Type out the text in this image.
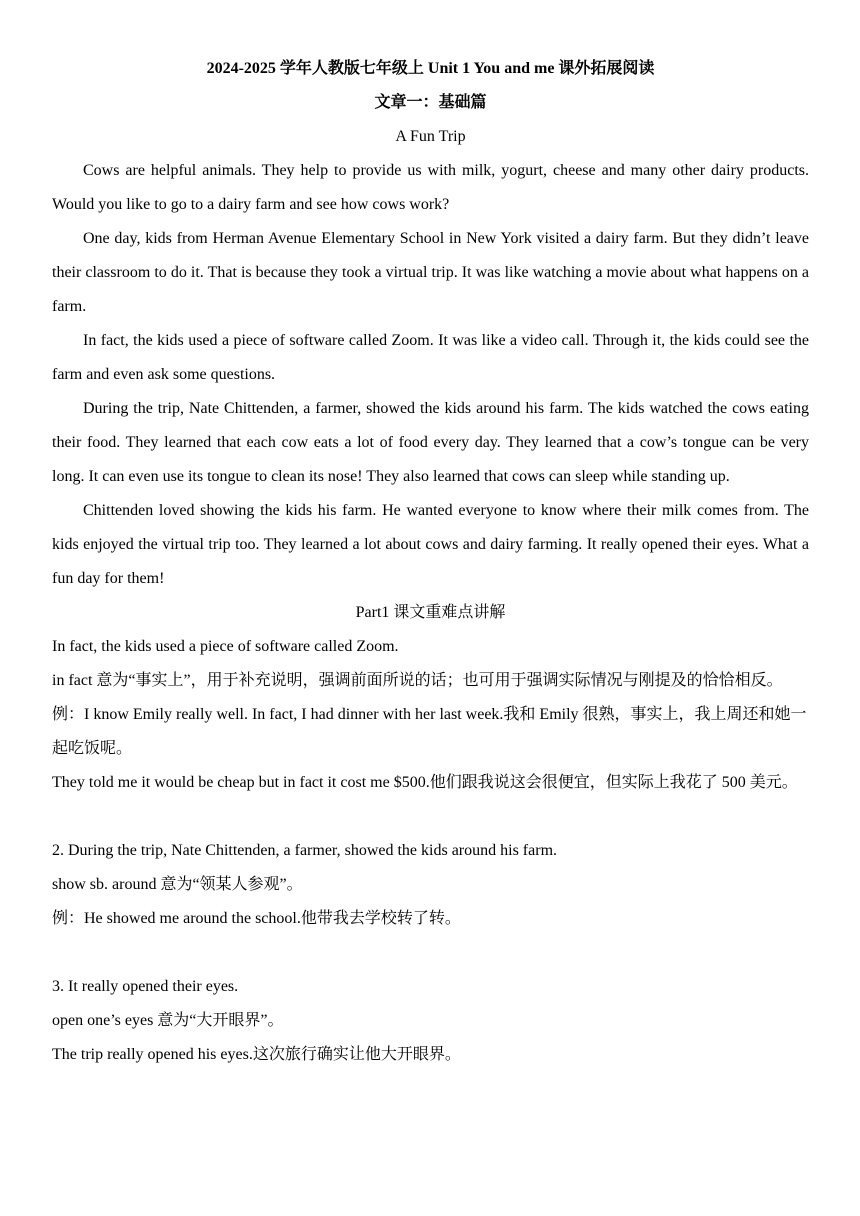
2024-2025 学年人教版七年级上 Unit 1 You and me 课外拓展阅读

文章一：基础篇

A Fun Trip

Cows are helpful animals. They help to provide us with milk, yogurt, cheese and many other dairy products. Would you like to go to a dairy farm and see how cows work?

One day, kids from Herman Avenue Elementary School in New York visited a dairy farm. But they didn’t leave their classroom to do it. That is because they took a virtual trip. It was like watching a movie about what happens on a farm.

In fact, the kids used a piece of software called Zoom. It was like a video call. Through it, the kids could see the farm and even ask some questions.

During the trip, Nate Chittenden, a farmer, showed the kids around his farm. The kids watched the cows eating their food. They learned that each cow eats a lot of food every day. They learned that a cow’s tongue can be very long. It can even use its tongue to clean its nose! They also learned that cows can sleep while standing up.

Chittenden loved showing the kids his farm. He wanted everyone to know where their milk comes from. The kids enjoyed the virtual trip too. They learned a lot about cows and dairy farming. It really opened their eyes. What a fun day for them!

Part1 课文重难点讲解

In fact, the kids used a piece of software called Zoom.

in fact 意为“事实上”，用于补充说明，强调前面所说的话；也可用于强调实际情况与刚提及的恰恰相反。

例：I know Emily really well. In fact, I had dinner with her last week.我和 Emily 很熟，事实上，我上周还和她一起吃饭呢。

They told me it would be cheap but in fact it cost me $500.他们跟我说这会很便宜，但实际上我花了 500 美元。

2. During the trip, Nate Chittenden, a farmer, showed the kids around his farm.

show sb. around 意为“领某人参观”。

例：He showed me around the school.他带我去学校转了转。

3. It really opened their eyes.

open one’s eyes 意为“大开眼界”。

The trip really opened his eyes.这次旅行确实让他大开眼界。
